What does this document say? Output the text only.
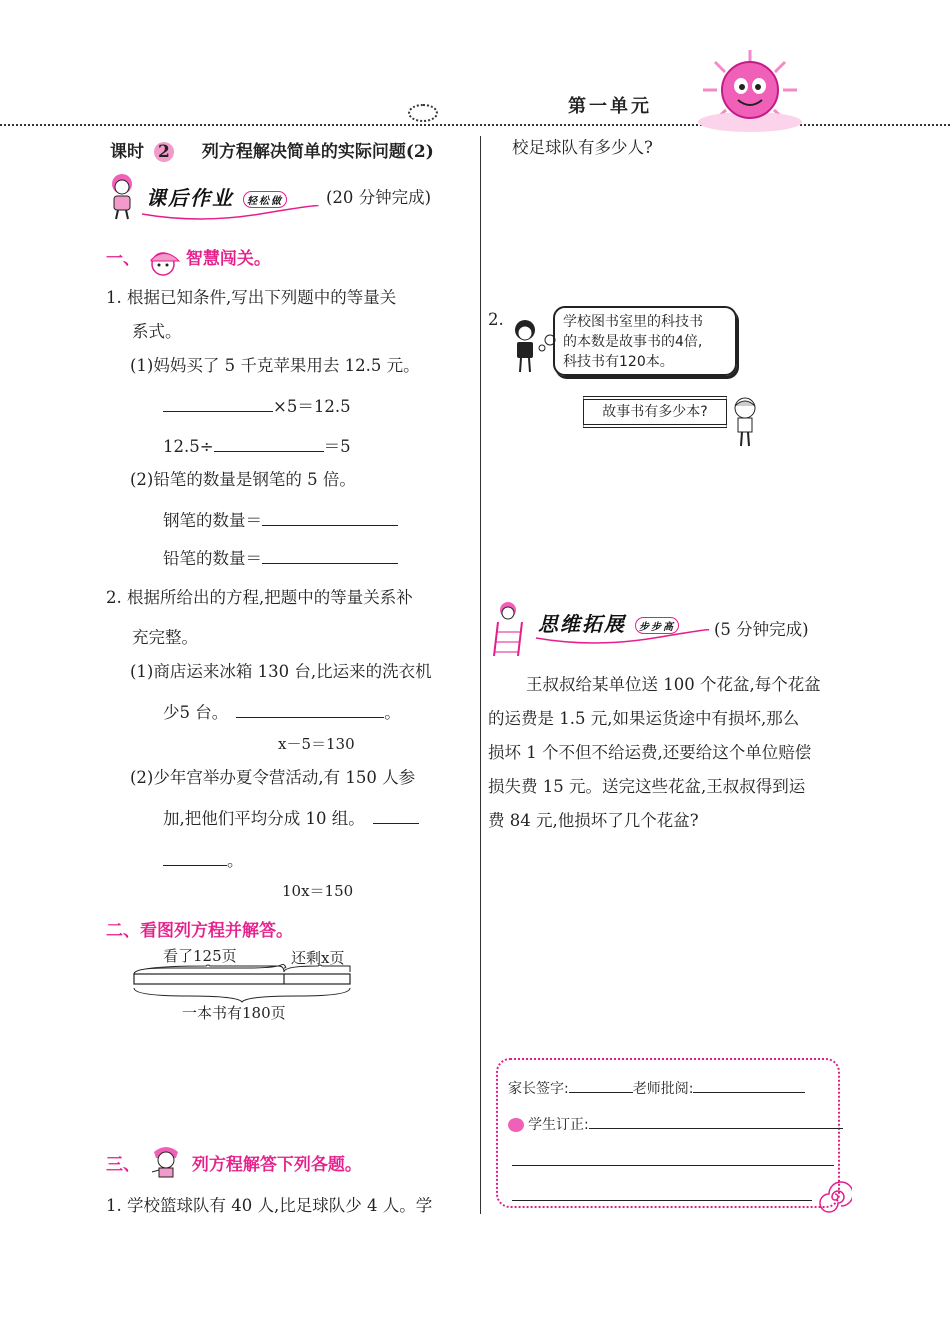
第一单元
课时 2 列方程解决简单的实际问题(2)
课后作业 轻松做	(20 分钟完成)
一、	智慧闯关。
1. 根据已知条件,写出下列题中的等量关
系式。
(1)妈妈买了 5 千克苹果用去 12.5 元。
×5＝12.5
12.5÷	＝5
(2)铅笔的数量是钢笔的 5 倍。
钢笔的数量＝
铅笔的数量＝
2. 根据所给出的方程,把题中的等量关系补
充完整。
(1)商店运来冰箱 130 台,比运来的洗衣机
少5 台。	。
x－5＝130
(2)少年宫举办夏令营活动,有 150 人参
加,把他们平均分成 10 组。
。
10x＝150
二、看图列方程并解答。
看了125页	还剩x页
一本书有180页
三、	列方程解答下列各题。
1. 学校篮球队有 40 人,比足球队少 4 人。学
校足球队有多少人?
2.	学校图书室里的科技书
的本数是故事书的4倍,
科技书有120本。
故事书有多少本?
思维拓展 步步高 (5 分钟完成)
王叔叔给某单位送 100 个花盆,每个花盆
的运费是 1.5 元,如果运货途中有损坏,那么
损坏 1 个不但不给运费,还要给这个单位赔偿
损失费 15 元。送完这些花盆,王叔叔得到运
费 84 元,他损坏了几个花盆?
家长签字:	老师批阅:
学生订正:
